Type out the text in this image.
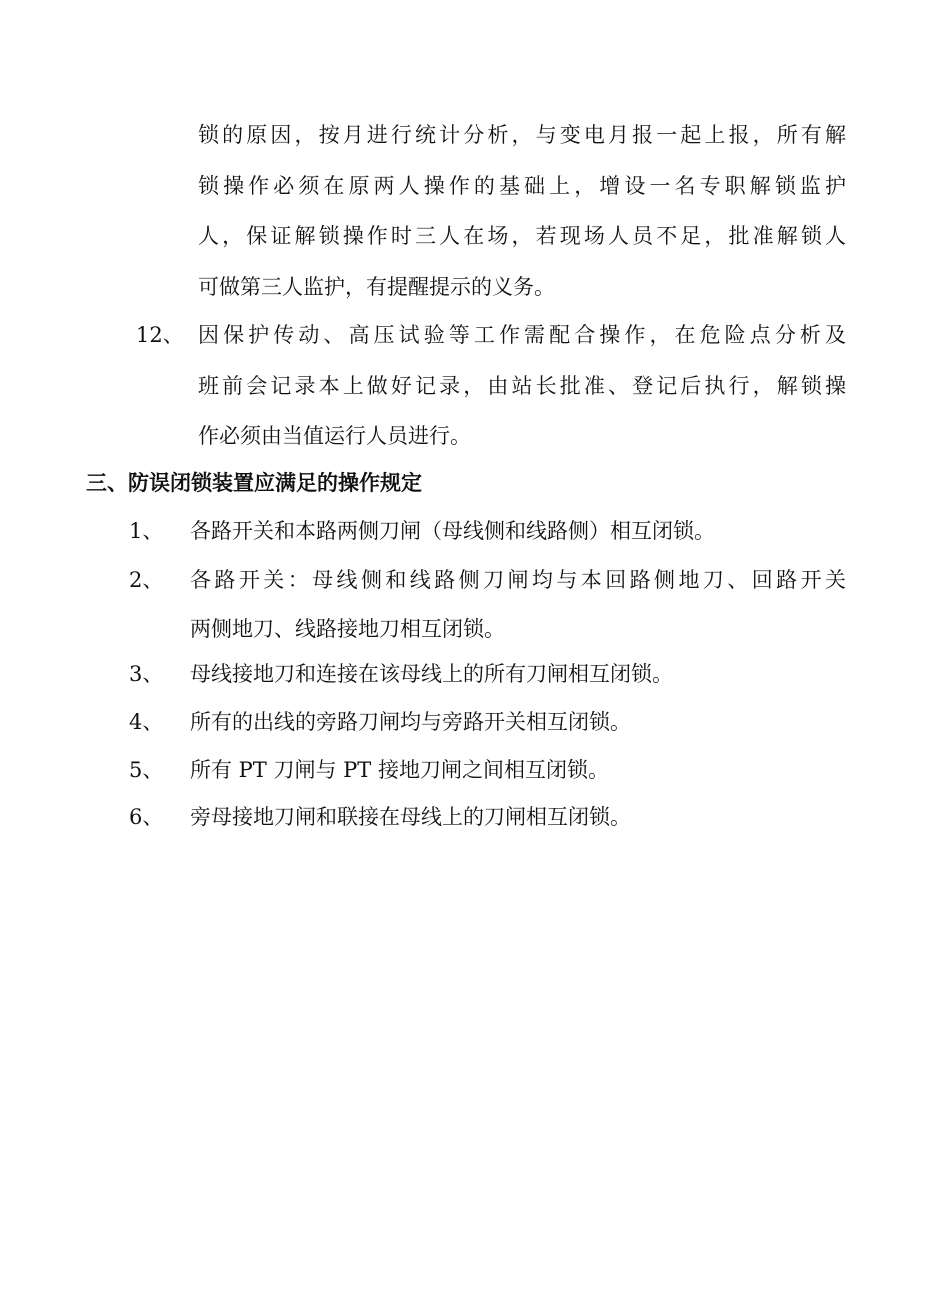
锁的原因，按月进行统计分析，与变电月报一起上报，所有解
锁操作必须在原两人操作的基础上，增设一名专职解锁监护
人，保证解锁操作时三人在场，若现场人员不足，批准解锁人
可做第三人监护，有提醒提示的义务。
12、 因保护传动、高压试验等工作需配合操作，在危险点分析及
班前会记录本上做好记录，由站长批准、登记后执行，解锁操
作必须由当值运行人员进行。
三、防误闭锁装置应满足的操作规定
1、 各路开关和本路两侧刀闸（母线侧和线路侧）相互闭锁。
2、 各路开关：母线侧和线路侧刀闸均与本回路侧地刀、回路开关
两侧地刀、线路接地刀相互闭锁。
3、 母线接地刀和连接在该母线上的所有刀闸相互闭锁。
4、 所有的出线的旁路刀闸均与旁路开关相互闭锁。
5、 所有 PT 刀闸与 PT 接地刀闸之间相互闭锁。
6、 旁母接地刀闸和联接在母线上的刀闸相互闭锁。
